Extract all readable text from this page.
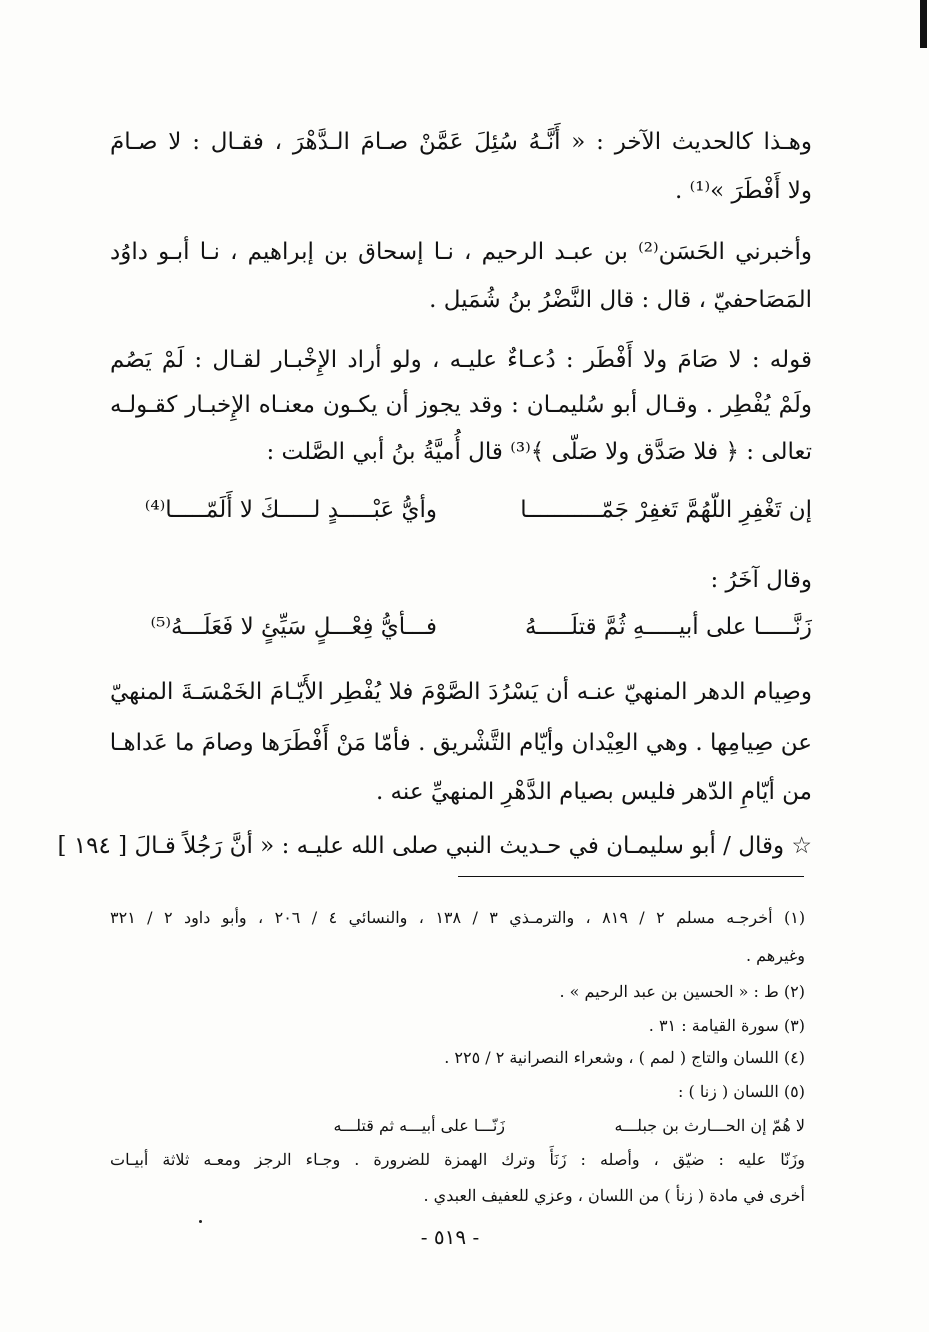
وهـذا كالحديث الآخر : « أَنَّـهُ سُئِلَ عَمَّنْ صـامَ الـدَّهْرَ ، فقـال : لا صـامَ
ولا أَفْطَرَ »⁽¹⁾ .
وأخبرني الحَسَن⁽²⁾ بن عبـد الرحيم ، نـا إسحاق بن إبراهيم ، نـا أبـو داوُد
المَصَاحفيّ ، قال : قال النَّضْرُ بنُ شُمَيل .
قوله : لا صَامَ ولا أَفْطَر : دُعـاءٌ عليـه ، ولو أراد الإِخْبـار لقـال : لَمْ يَصُم
ولَمْ يُفْطِر . وقـال أبو سُليمـان : وقد يجوز أن يكـون معنـاه الإِخبـار كقـولـه
تعالى : ﴿ فلا صَدَّق ولا صَلّى ﴾⁽³⁾ قال أُميَّةُ بنُ أبي الصَّلت :
إن تَغْفِرِ اللّهُمَّ تَغفِرْ جَمّـــــــــــا
وأيُّ عَبْـــــدٍ لـــــكَ لا أَلَمّـــــا⁽⁴⁾
وقال آخَرُ :
زَنَّـــــا على أبيـــــهِ ثُمَّ قتلَـــــهُ
فـــأيُّ فِعْـــلٍ سَيِّئٍ لا فَعَلَـــهُ⁽⁵⁾
وصِيام الدهر المنهيّ عنـه أن يَسْرُدَ الصَّوْمَ فلا يُفْطِر الأَيّـامَ الخَمْسَـةَ المنهيّ
عن صِيامِها . وهي العِيْدان وأيّام التَّشْريق . فأمّا مَنْ أَفْطَرَها وصامَ ما عَداهـا
من أيّامِ الدّهر فليس بصيام الدَّهْرِ المنهيِّ عنه .
☆ وقال / أبو سليمـان في حـديث النبي صلى الله عليـه : « أنَّ رَجُلاً قـالَ [ ١٩٤ ]
(١) أخرجـه مسلم ٢ / ٨١٩ ، والترمـذي ٣ / ١٣٨ ، والنسائي ٤ / ٢٠٦ ، وأبو داود ٢ / ٣٢١
وغيرهم .
(٢) ط : « الحسين بن عبد الرحيم » .
(٣) سورة القيامة : ٣١ .
(٤) اللسان والتاج ( لمم ) ، وشعراء النصرانية ٢ / ٢٢٥ .
(٥) اللسان ( زنا ) :
لا هُمّ إن الحـــارث بن جبلـــه
زَنّـــا على أبيـــه ثم قتلـــه
وزَنّا عليه : ضيّق ، وأصله : زَنَأَ وترك الهمزة للضرورة . وجـاء الرجز ومعـه ثلاثة أبيـات
أخرى في مادة ( زنأ ) من اللسان ، وعزي للعفيف العبدي .
- ٥١٩ -
